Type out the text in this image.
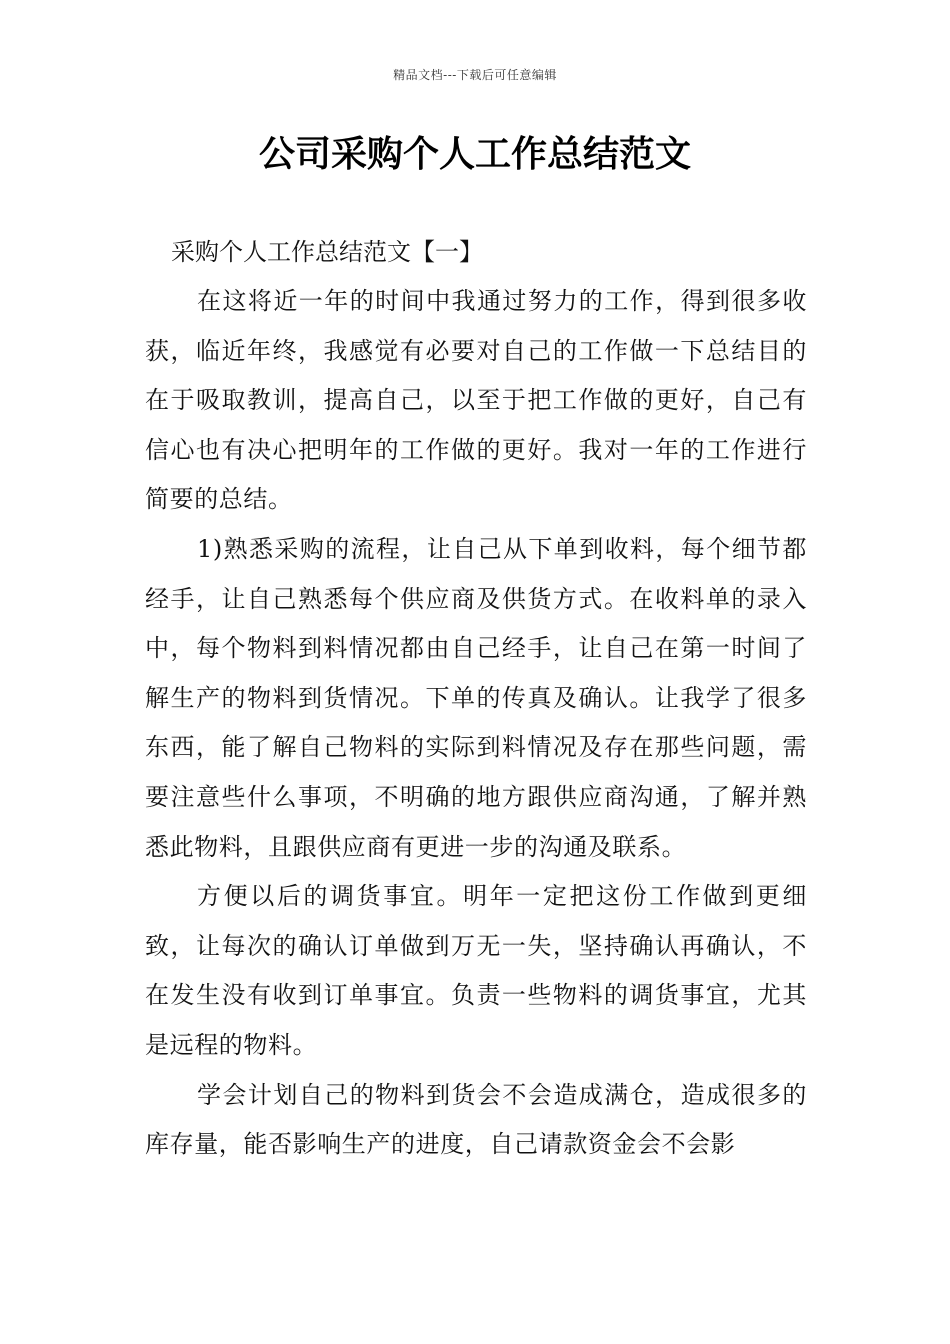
精品文档---下载后可任意编辑
公司采购个人工作总结范文

采购个人工作总结范文【一】

在这将近一年的时间中我通过努力的工作，得到很多收获，临近年终，我感觉有必要对自己的工作做一下总结目的在于吸取教训，提高自己，以至于把工作做的更好，自己有信心也有决心把明年的工作做的更好。我对一年的工作进行简要的总结。

1)熟悉采购的流程，让自己从下单到收料，每个细节都经手，让自己熟悉每个供应商及供货方式。在收料单的录入中，每个物料到料情况都由自己经手，让自己在第一时间了解生产的物料到货情况。下单的传真及确认。让我学了很多东西，能了解自己物料的实际到料情况及存在那些问题，需要注意些什么事项，不明确的地方跟供应商沟通，了解并熟悉此物料，且跟供应商有更进一步的沟通及联系。

方便以后的调货事宜。明年一定把这份工作做到更细致，让每次的确认订单做到万无一失，坚持确认再确认，不在发生没有收到订单事宜。负责一些物料的调货事宜，尤其是远程的物料。

学会计划自己的物料到货会不会造成满仓，造成很多的库存量，能否影响生产的进度，自己请款资金会不会影
